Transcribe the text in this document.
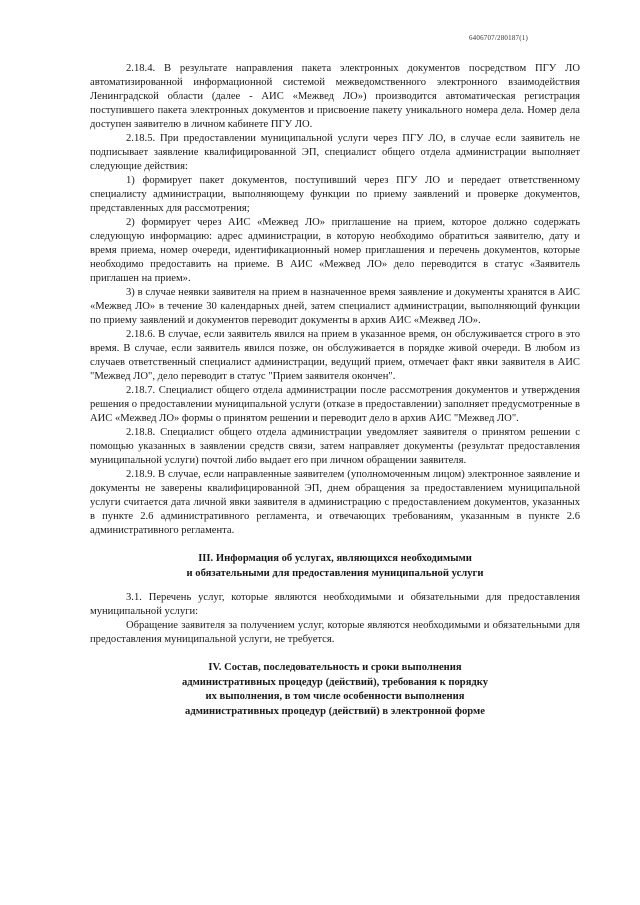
6406707/280187(1)

2.18.4. В результате направления пакета электронных документов посредством ПГУ ЛО автоматизированной информационной системой межведомственного электронного взаимодействия Ленинградской области (далее - АИС «Межвед ЛО») производится автоматическая регистрация поступившего пакета электронных документов и присвоение пакету уникального номера дела. Номер дела доступен заявителю в личном кабинете ПГУ ЛО.

2.18.5. При предоставлении муниципальной услуги через ПГУ ЛО, в случае если заявитель не подписывает заявление квалифицированной ЭП, специалист общего отдела администрации выполняет следующие действия:

1) формирует пакет документов, поступивший через ПГУ ЛО и передает ответственному специалисту администрации, выполняющему функции по приему заявлений и проверке документов, представленных для рассмотрения;

2) формирует через АИС «Межвед ЛО» приглашение на прием, которое должно содержать следующую информацию: адрес администрации, в которую необходимо обратиться заявителю, дату и время приема, номер очереди, идентификационный номер приглашения и перечень документов, которые необходимо предоставить на приеме. В АИС «Межвед ЛО» дело переводится в статус «Заявитель приглашен на прием».

3) в случае неявки заявителя на прием в назначенное время заявление и документы хранятся в АИС «Межвед ЛО» в течение 30 календарных дней, затем специалист администрации, выполняющий функции по приему заявлений и документов переводит документы в архив АИС «Межвед ЛО».

2.18.6. В случае, если заявитель явился на прием в указанное время, он обслуживается строго в это время. В случае, если заявитель явился позже, он обслуживается в порядке живой очереди. В любом из случаев ответственный специалист администрации, ведущий прием, отмечает факт явки заявителя в АИС "Межвед ЛО", дело переводит в статус "Прием заявителя окончен".

2.18.7. Специалист общего отдела администрации после рассмотрения документов и утверждения решения о предоставлении муниципальной услуги (отказе в предоставлении) заполняет предусмотренные в АИС «Межвед ЛО» формы о принятом решении и переводит дело в архив АИС "Межвед ЛО".

2.18.8. Специалист общего отдела администрации уведомляет заявителя о принятом решении с помощью указанных в заявлении средств связи, затем направляет документы (результат предоставления муниципальной услуги) почтой либо выдает его при личном обращении заявителя.

2.18.9. В случае, если направленные заявителем (уполномоченным лицом) электронное заявление и документы не заверены квалифицированной ЭП, днем обращения за предоставлением муниципальной услуги считается дата личной явки заявителя в администрацию с предоставлением документов, указанных в пункте 2.6 административного регламента, и отвечающих требованиям, указанным в пункте 2.6 административного регламента.

III. Информация об услугах, являющихся необходимыми
и обязательными для предоставления муниципальной услуги

3.1. Перечень услуг, которые являются необходимыми и обязательными для предоставления муниципальной услуги:

Обращение заявителя за получением услуг, которые являются необходимыми и обязательными для предоставления муниципальной услуги, не требуется.

IV. Состав, последовательность и сроки выполнения
административных процедур (действий), требования к порядку
их выполнения, в том числе особенности выполнения
административных процедур (действий) в электронной форме
